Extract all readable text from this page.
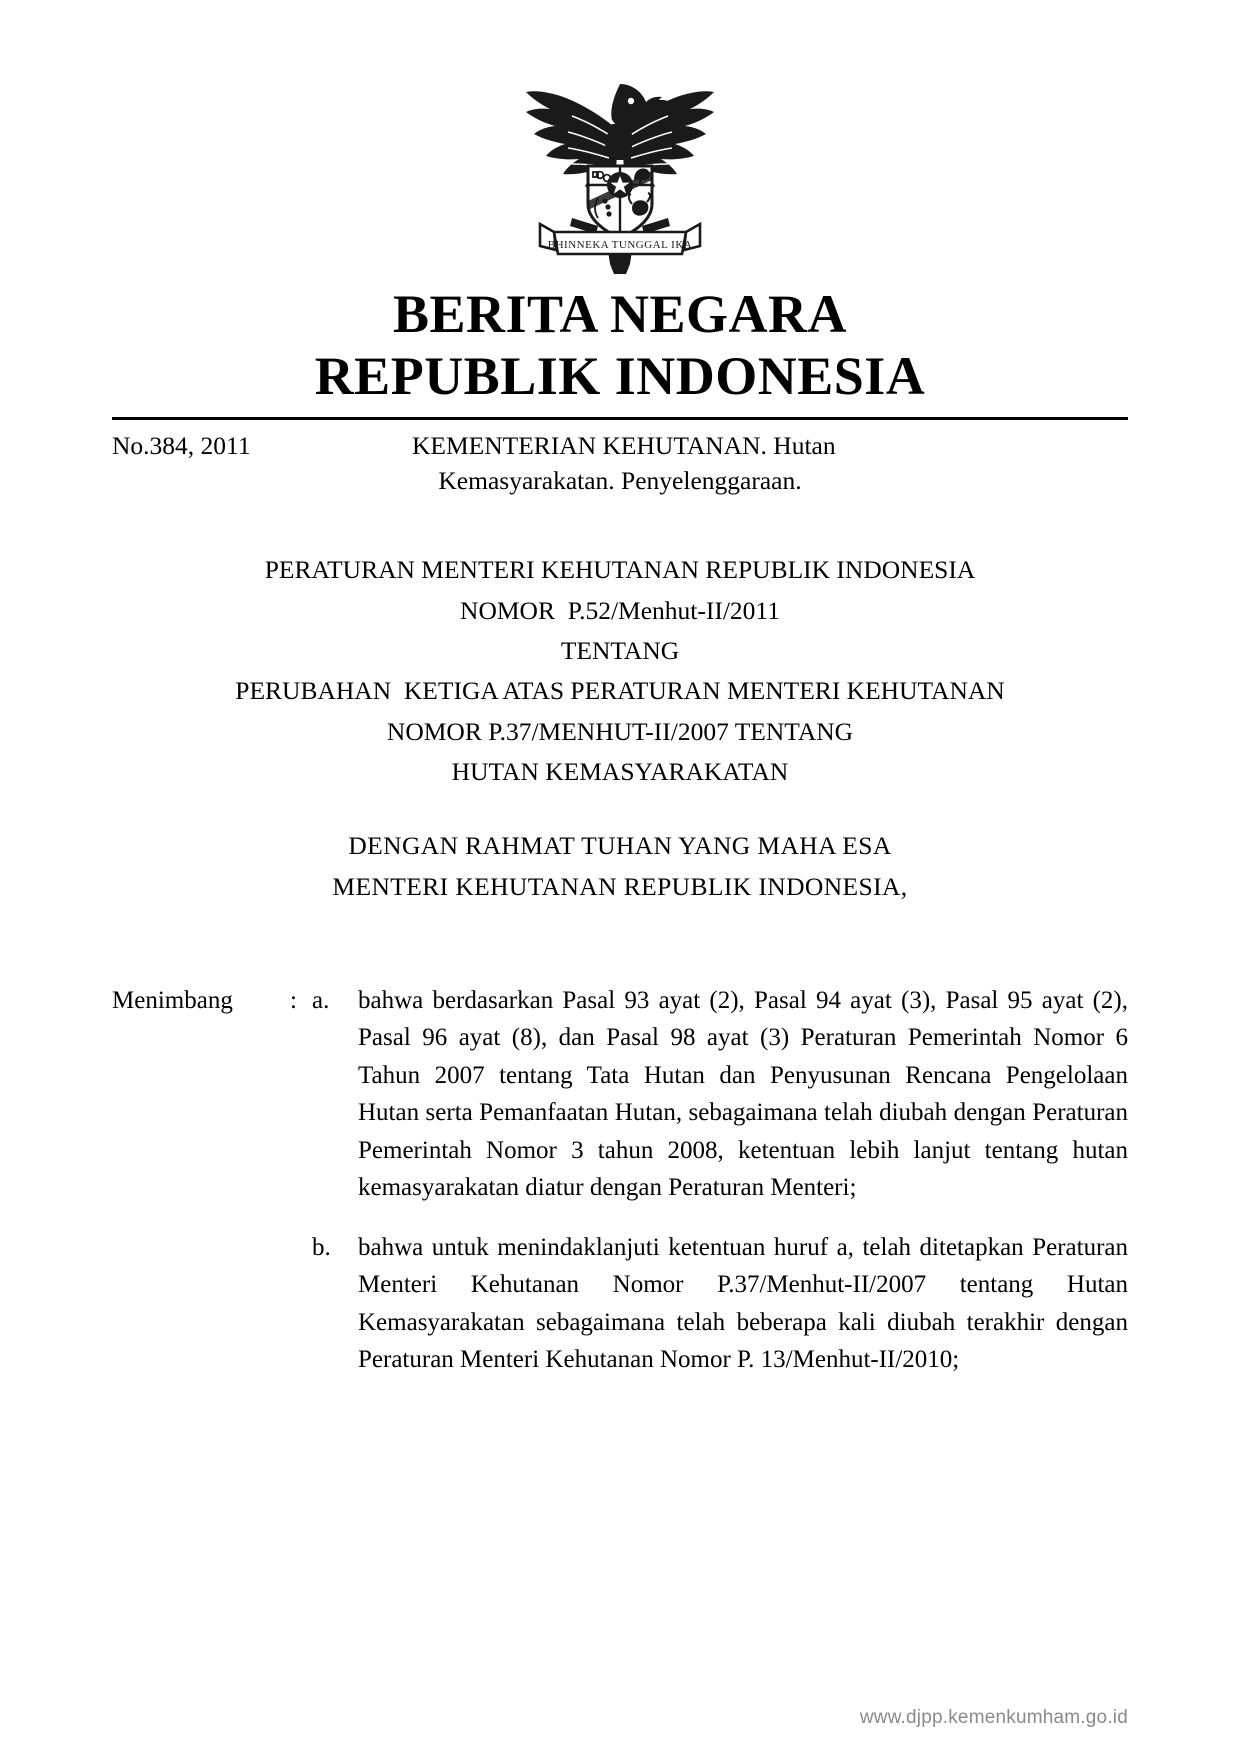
BHINNEKA TUNGGAL IKA
BERITA NEGARA
REPUBLIK INDONESIA
No.384, 2011	KEMENTERIAN KEHUTANAN. Hutan
Kemasyarakatan. Penyelenggaraan.
PERATURAN MENTERI KEHUTANAN REPUBLIK INDONESIA
NOMOR  P.52/Menhut-II/2011
TENTANG
PERUBAHAN  KETIGA ATAS PERATURAN MENTERI KEHUTANAN
NOMOR P.37/MENHUT-II/2007 TENTANG
HUTAN KEMASYARAKATAN
DENGAN RAHMAT TUHAN YANG MAHA ESA
MENTERI KEHUTANAN REPUBLIK INDONESIA,
Menimbang	: a.	bahwa berdasarkan Pasal 93 ayat (2), Pasal 94 ayat (3), Pasal 95 ayat (2), Pasal 96 ayat (8), dan Pasal 98 ayat (3) Peraturan Pemerintah Nomor 6 Tahun 2007 tentang Tata Hutan dan Penyusunan Rencana Pengelolaan Hutan serta Pemanfaatan Hutan, sebagaimana telah diubah dengan Peraturan Pemerintah Nomor 3 tahun 2008, ketentuan lebih lanjut tentang hutan kemasyarakatan diatur dengan Peraturan Menteri;
b.	bahwa untuk menindaklanjuti ketentuan huruf a, telah ditetapkan Peraturan Menteri Kehutanan Nomor P.37/Menhut-II/2007 tentang Hutan Kemasyarakatan sebagaimana telah beberapa kali diubah terakhir dengan Peraturan Menteri Kehutanan Nomor P. 13/Menhut-II/2010;
www.djpp.kemenkumham.go.id
